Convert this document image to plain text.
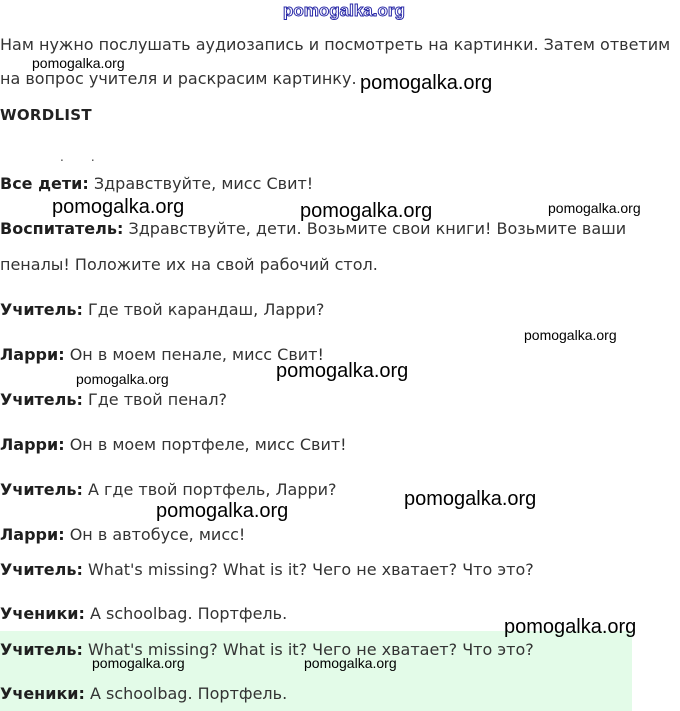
pomogalka.org
Нам нужно послушать аудиозапись и посмотреть на картинки. Затем ответим
на вопрос учителя и раскрасим картинку.
WORDLIST
..
Все дети: Здравствуйте, мисс Свит!
Воспитатель: Здравствуйте, дети. Возьмите свои книги! Возьмите ваши
пеналы! Положите их на свой рабочий стол.
Учитель: Где твой карандаш, Ларри?
Ларри: Он в моем пенале, мисс Свит!
Учитель: Где твой пенал?
Ларри: Он в моем портфеле, мисс Свит!
Учитель: А где твой портфель, Ларри?
Ларри: Он в автобусе, мисс!
Учитель: What's missing? What is it? Чего не хватает? Что это?
Ученики: A schoolbag. Портфель.
Учитель: What's missing? What is it? Чего не хватает? Что это?
Ученики: A schoolbag. Портфель.
pomogalka.org
pomogalka.org
pomogalka.org	pomogalka.org	pomogalka.org
pomogalka.org
pomogalka.org
pomogalka.org
pomogalka.org
pomogalka.org
pomogalka.org
pomogalka.org	pomogalka.org
